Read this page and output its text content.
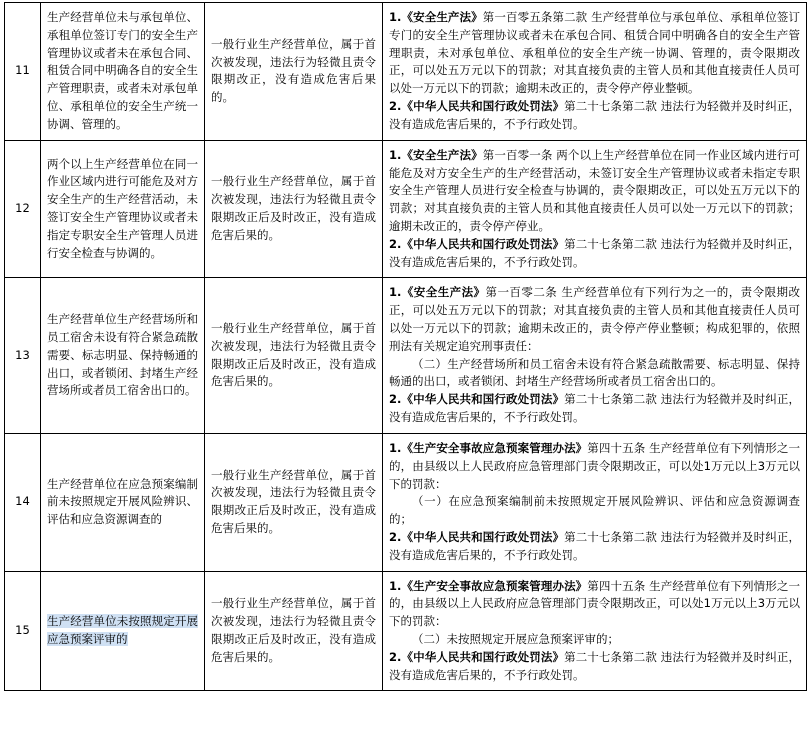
11	生产经营单位未与承包单位、承租单位签订专门的安全生产管理协议或者未在承包合同、租赁合同中明确各自的安全生产管理职责，或者未对承包单位、承租单位的安全生产统一协调、管理的。	一般行业生产经营单位，属于首次被发现，违法行为轻微且责令限期改正，没有造成危害后果的。	1.《安全生产法》第一百零五条第二款 生产经营单位与承包单位、承租单位签订专门的安全生产管理协议或者未在承包合同、租赁合同中明确各自的安全生产管理职责，未对承包单位、承租单位的安全生产统一协调、管理的，责令限期改正，可以处五万元以下的罚款；对其直接负责的主管人员和其他直接责任人员可以处一万元以下的罚款；逾期未改正的，责令停产停业整顿。

2.《中华人民共和国行政处罚法》第二十七条第二款 违法行为轻微并及时纠正，没有造成危害后果的，不予行政处罚。

12	两个以上生产经营单位在同一作业区域内进行可能危及对方安全生产的生产经营活动，未签订安全生产管理协议或者未指定专职安全生产管理人员进行安全检查与协调的。	一般行业生产经营单位，属于首次被发现，违法行为轻微且责令限期改正后及时改正，没有造成危害后果的。	1.《安全生产法》第一百零一条 两个以上生产经营单位在同一作业区域内进行可能危及对方安全生产的生产经营活动，未签订安全生产管理协议或者未指定专职安全生产管理人员进行安全检查与协调的，责令限期改正，可以处五万元以下的罚款；对其直接负责的主管人员和其他直接责任人员可以处一万元以下的罚款；逾期未改正的，责令停产停业。

2.《中华人民共和国行政处罚法》第二十七条第二款 违法行为轻微并及时纠正，没有造成危害后果的，不予行政处罚。

13	生产经营单位生产经营场所和员工宿舍未设有符合紧急疏散需要、标志明显、保持畅通的出口，或者锁闭、封堵生产经营场所或者员工宿舍出口的。	一般行业生产经营单位，属于首次被发现，违法行为轻微且责令限期改正后及时改正，没有造成危害后果的。	1.《安全生产法》第一百零二条 生产经营单位有下列行为之一的，责令限期改正，可以处五万元以下的罚款；对其直接负责的主管人员和其他直接责任人员可以处一万元以下的罚款；逾期未改正的，责令停产停业整顿；构成犯罪的，依照刑法有关规定追究刑事责任：

（二）生产经营场所和员工宿舍未设有符合紧急疏散需要、标志明显、保持畅通的出口，或者锁闭、封堵生产经营场所或者员工宿舍出口的。

2.《中华人民共和国行政处罚法》第二十七条第二款 违法行为轻微并及时纠正，没有造成危害后果的，不予行政处罚。

14	生产经营单位在应急预案编制前未按照规定开展风险辨识、评估和应急资源调查的	一般行业生产经营单位，属于首次被发现，违法行为轻微且责令限期改正后及时改正，没有造成危害后果的。	1.《生产安全事故应急预案管理办法》第四十五条 生产经营单位有下列情形之一的，由县级以上人民政府应急管理部门责令限期改正，可以处1万元以上3万元以下的罚款：

（一）在应急预案编制前未按照规定开展风险辨识、评估和应急资源调查的；

2.《中华人民共和国行政处罚法》第二十七条第二款 违法行为轻微并及时纠正，没有造成危害后果的，不予行政处罚。

15	生产经营单位未按照规定开展应急预案评审的	一般行业生产经营单位，属于首次被发现，违法行为轻微且责令限期改正后及时改正，没有造成危害后果的。	1.《生产安全事故应急预案管理办法》第四十五条 生产经营单位有下列情形之一的，由县级以上人民政府应急管理部门责令限期改正，可以处1万元以上3万元以下的罚款：

（二）未按照规定开展应急预案评审的；

2.《中华人民共和国行政处罚法》第二十七条第二款 违法行为轻微并及时纠正，没有造成危害后果的，不予行政处罚。
